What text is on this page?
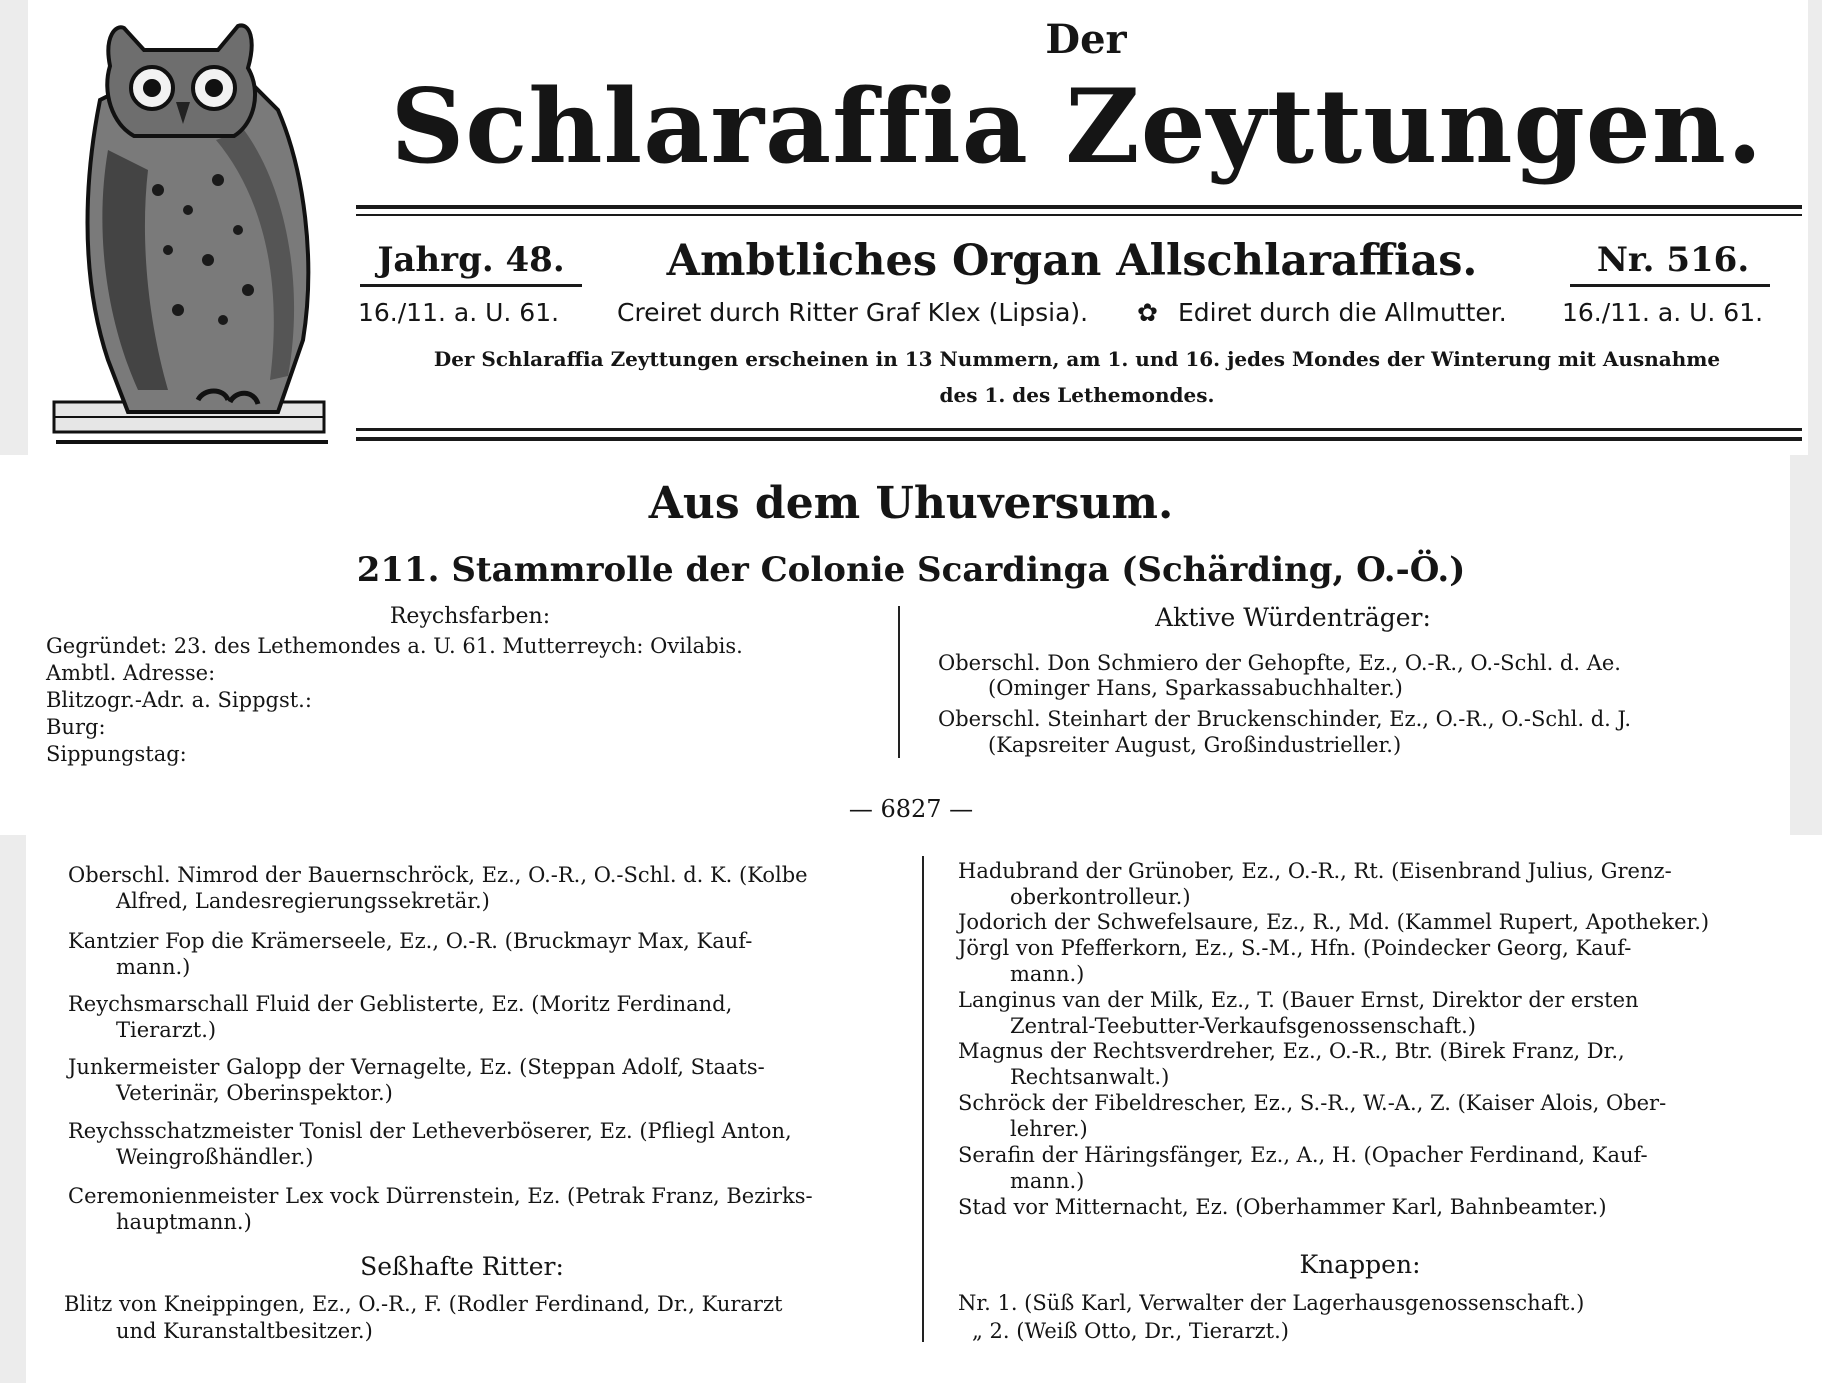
Der
Schlaraffia Zeyttungen.
Jahrg. 48.	Ambtliches Organ Allschlaraffias.	Nr. 516.
16./11. a. U. 61. Creiret durch Ritter Graf Klex (Lipsia). ✿ Ediret durch die Allmutter. 16./11. a. U. 61.
Der Schlaraffia Zeyttungen erscheinen in 13 Nummern, am 1. und 16. jedes Mondes der Winterung mit Ausnahme
des 1. des Lethemondes.
Aus dem Uhuversum.
211. Stammrolle der Colonie Scardinga (Schärding, O.-Ö.)
Reychsfarben:
Gegründet: 23. des Lethemondes a. U. 61. Mutterreych: Ovilabis.
Ambtl. Adresse:
Blitzogr.-Adr. a. Sippgst.:
Burg:
Sippungstag:
Aktive Würdenträger:
Oberschl. Don Schmiero der Gehopfte, Ez., O.-R., O.-Schl. d. Ae.
(Ominger Hans, Sparkassabuchhalter.)
Oberschl. Steinhart der Bruckenschinder, Ez., O.-R., O.-Schl. d. J.
(Kapsreiter August, Großindustrieller.)
— 6827 —
Oberschl. Nimrod der Bauernschröck, Ez., O.-R., O.-Schl. d. K. (Kolbe
Alfred, Landesregierungssekretär.)
Kantzier Fop die Krämerseele, Ez., O.-R. (Bruckmayr Max, Kauf-
mann.)
Reychsmarschall Fluid der Geblisterte, Ez. (Moritz Ferdinand,
Tierarzt.)
Junkermeister Galopp der Vernagelte, Ez. (Steppan Adolf, Staats-
Veterinär, Oberinspektor.)
Reychsschatzmeister Tonisl der Letheverböserer, Ez. (Pfliegl Anton,
Weingroßhändler.)
Ceremonienmeister Lex vock Dürrenstein, Ez. (Petrak Franz, Bezirks-
hauptmann.)
Seßhafte Ritter:
Blitz von Kneippingen, Ez., O.-R., F. (Rodler Ferdinand, Dr., Kurarzt
und Kuranstaltbesitzer.)
Hadubrand der Grünober, Ez., O.-R., Rt. (Eisenbrand Julius, Grenz-
oberkontrolleur.)
Jodorich der Schwefelsaure, Ez., R., Md. (Kammel Rupert, Apotheker.)
Jörgl von Pfefferkorn, Ez., S.-M., Hfn. (Poindecker Georg, Kauf-
mann.)
Langinus van der Milk, Ez., T. (Bauer Ernst, Direktor der ersten
Zentral-Teebutter-Verkaufsgenossenschaft.)
Magnus der Rechtsverdreher, Ez., O.-R., Btr. (Birek Franz, Dr.,
Rechtsanwalt.)
Schröck der Fibeldrescher, Ez., S.-R., W.-A., Z. (Kaiser Alois, Ober-
lehrer.)
Serafin der Häringsfänger, Ez., A., H. (Opacher Ferdinand, Kauf-
mann.)
Stad vor Mitternacht, Ez. (Oberhammer Karl, Bahnbeamter.)
Knappen:
Nr. 1. (Süß Karl, Verwalter der Lagerhausgenossenschaft.)
„ 2. (Weiß Otto, Dr., Tierarzt.)
